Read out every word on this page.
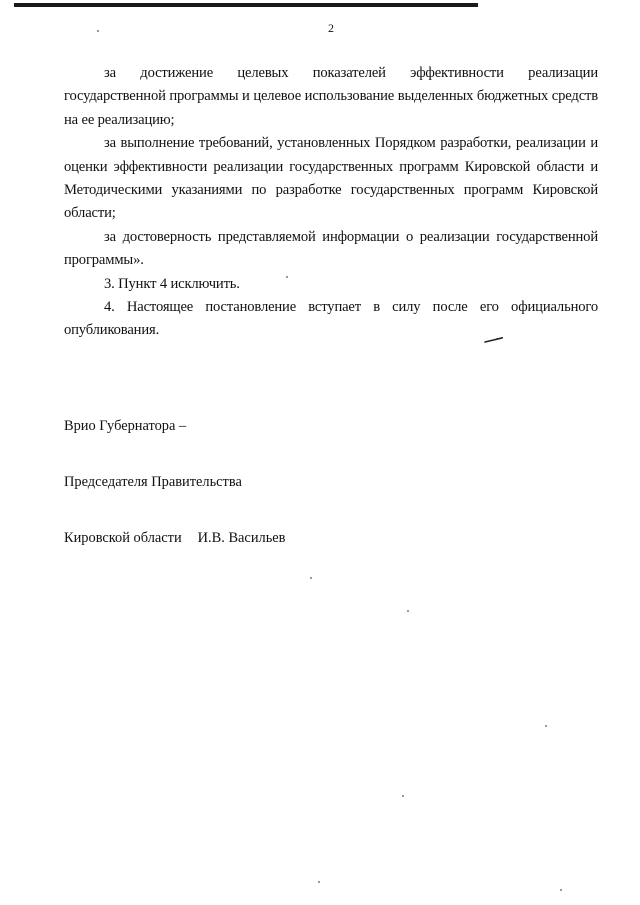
2

за достижение целевых показателей эффективности реализации государственной программы и целевое использование выделенных бюджетных средств на ее реализацию;

за выполнение требований, установленных Порядком разработки, реализации и оценки эффективности реализации государственных программ Кировской области и Методическими указаниями по разработке государственных программ Кировской области;

за достоверность представляемой информации о реализации государственной программы».

3. Пункт 4 исключить.

4. Настоящее постановление вступает в силу после его официального опубликования.

Врио Губернатора –

Председателя Правительства

Кировской области И.В. Васильев
